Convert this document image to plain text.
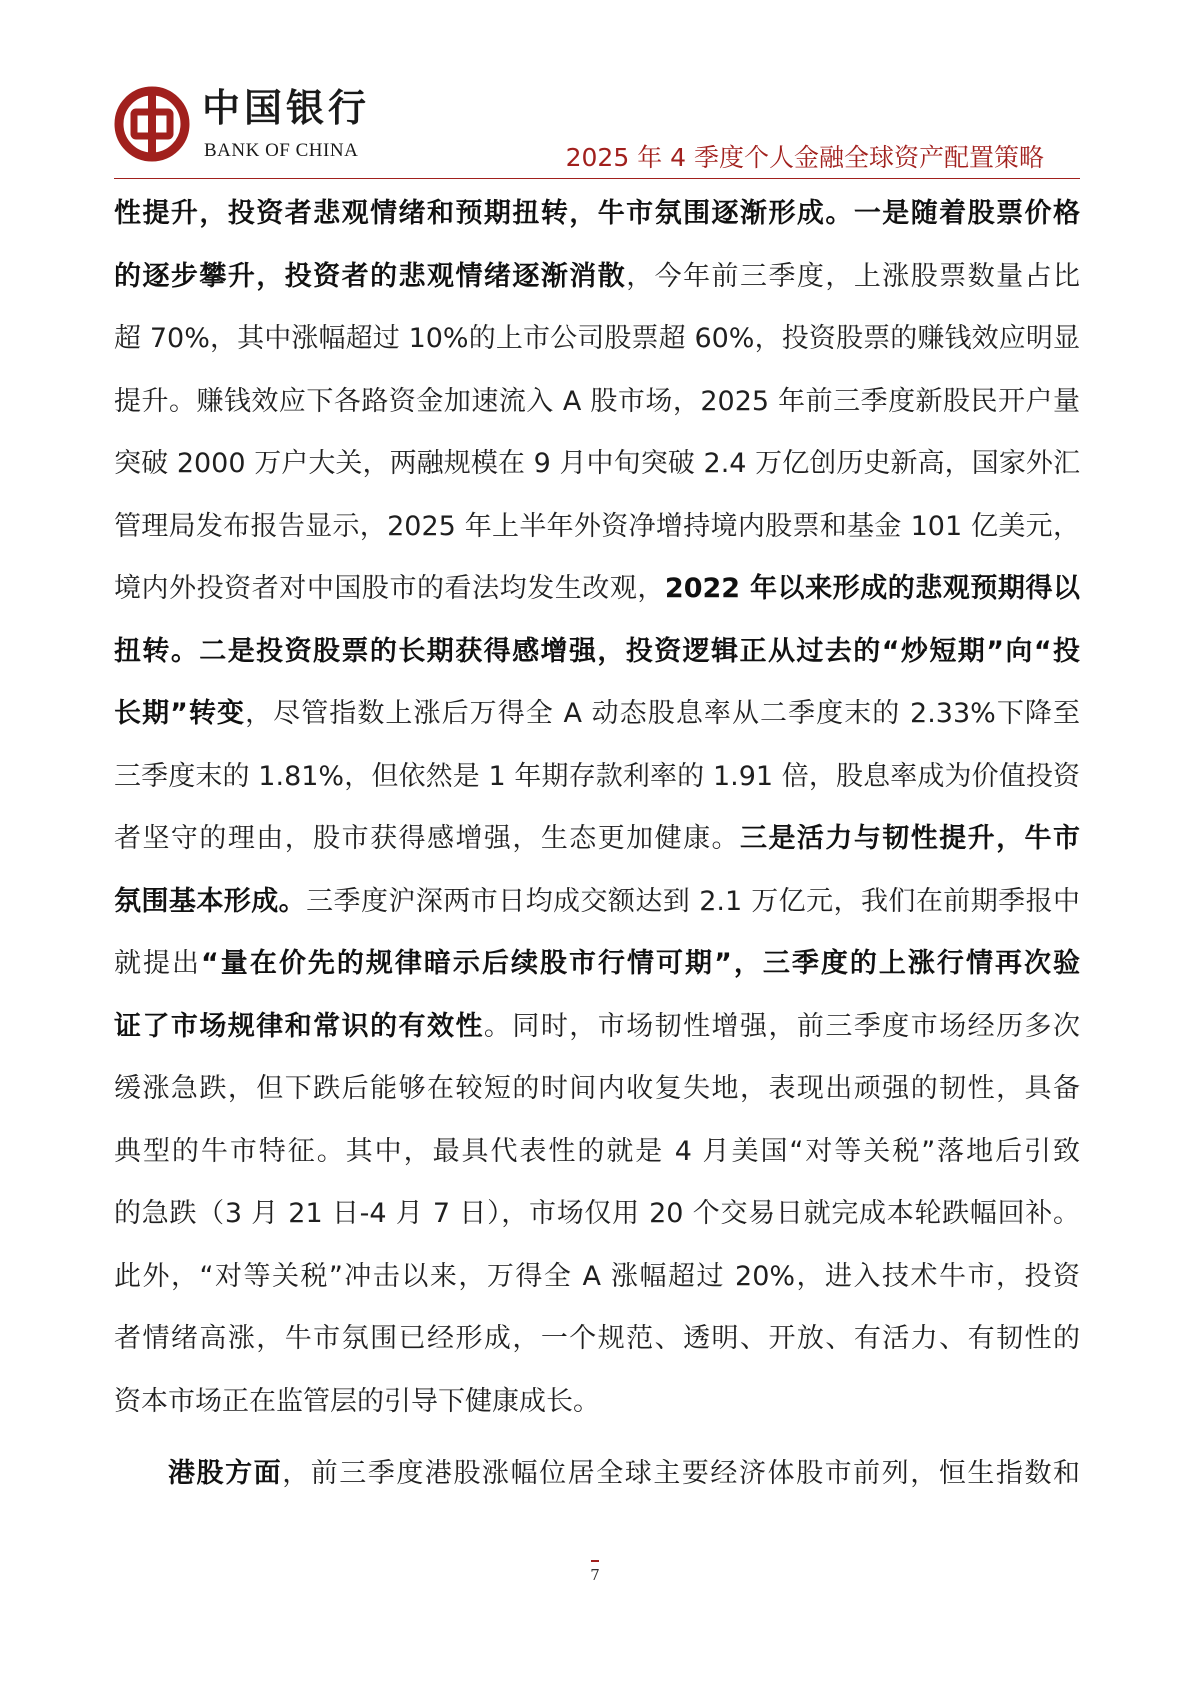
中国银行
BANK OF CHINA	2025 年 4 季度个人金融全球资产配置策略
性提升，投资者悲观情绪和预期扭转，牛市氛围逐渐形成。一是随着股票价格
的逐步攀升，投资者的悲观情绪逐渐消散，今年前三季度，上涨股票数量占比
超 70%，其中涨幅超过 10%的上市公司股票超 60%，投资股票的赚钱效应明显
提升。赚钱效应下各路资金加速流入 A 股市场，2025 年前三季度新股民开户量
突破 2000 万户大关，两融规模在 9 月中旬突破 2.4 万亿创历史新高，国家外汇
管理局发布报告显示，2025 年上半年外资净增持境内股票和基金 101 亿美元，
境内外投资者对中国股市的看法均发生改观，2022 年以来形成的悲观预期得以
扭转。二是投资股票的长期获得感增强，投资逻辑正从过去的“炒短期”向“投
长期”转变，尽管指数上涨后万得全 A 动态股息率从二季度末的 2.33%下降至
三季度末的 1.81%，但依然是 1 年期存款利率的 1.91 倍，股息率成为价值投资
者坚守的理由，股市获得感增强，生态更加健康。三是活力与韧性提升，牛市
氛围基本形成。三季度沪深两市日均成交额达到 2.1 万亿元，我们在前期季报中
就提出“量在价先的规律暗示后续股市行情可期”，三季度的上涨行情再次验
证了市场规律和常识的有效性。同时，市场韧性增强，前三季度市场经历多次
缓涨急跌，但下跌后能够在较短的时间内收复失地，表现出顽强的韧性，具备
典型的牛市特征。其中，最具代表性的就是 4 月美国“对等关税”落地后引致
的急跌（3 月 21 日-4 月 7 日），市场仅用 20 个交易日就完成本轮跌幅回补。
此外，“对等关税”冲击以来，万得全 A 涨幅超过 20%，进入技术牛市，投资
者情绪高涨，牛市氛围已经形成，一个规范、透明、开放、有活力、有韧性的
资本市场正在监管层的引导下健康成长。
港股方面，前三季度港股涨幅位居全球主要经济体股市前列，恒生指数和
7
